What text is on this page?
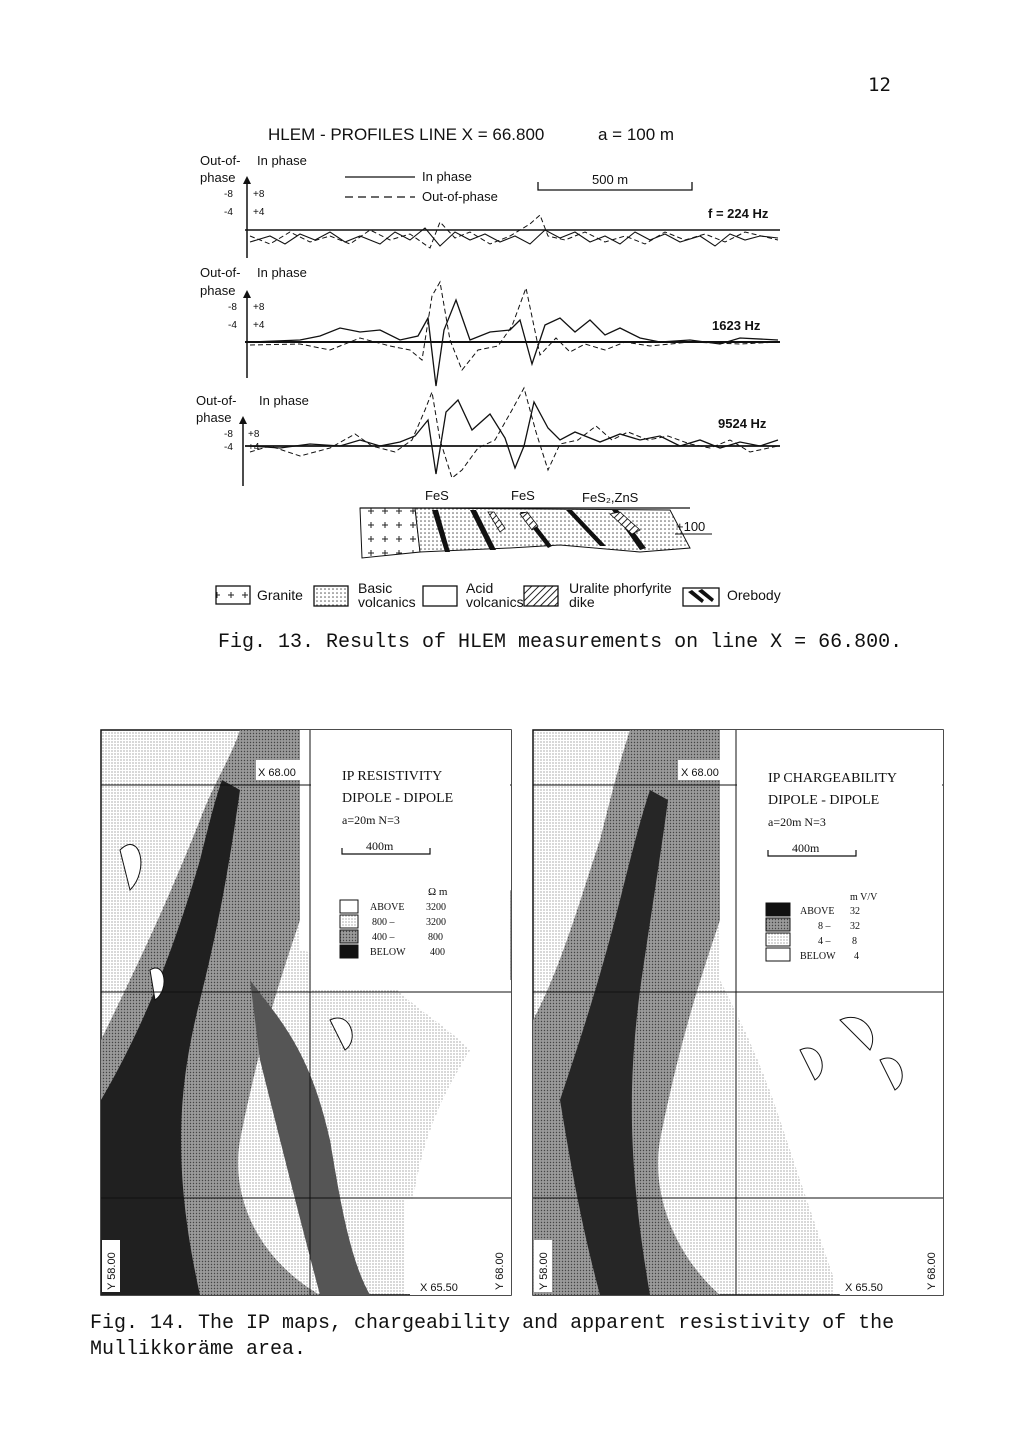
12
HLEM - PROFILES LINE X = 66.800	a = 100 m
Out-of- In phase
phase
-8 +8
-4 +4
In phase
Out-of-phase
500 m
f = 224 Hz
Out-of- In phase
phase
-8 +8
-4 +4	1623 Hz
Out-of- In phase
phase
-8 +8
-4 +4
9524 Hz
FeS	FeS	FeS₂,ZnS
+100
Granite	Basic
volcanics
Acid
volcanics
Uralite phorfyrite
dike	Orebody
Fig. 13. Results of HLEM measurements on line X = 66.800.
X 68.00
X 65.50
Y 58.00	Y 68.00
IP RESISTIVITY
DIPOLE - DIPOLE
a=20m N=3
400m
Ω m
ABOVE 3200
800 –	3200
400 –	800
BELOW 400
X 68.00
X 65.50
Y 58.00	Y 68.00
IP CHARGEABILITY
DIPOLE - DIPOLE
a=20m N=3
400m
m V/V
ABOVE 32
8 – 32
4 – 8
BELOW 4
Fig. 14. The IP maps, chargeability and apparent resistivity of the Mullikkoräme area.
